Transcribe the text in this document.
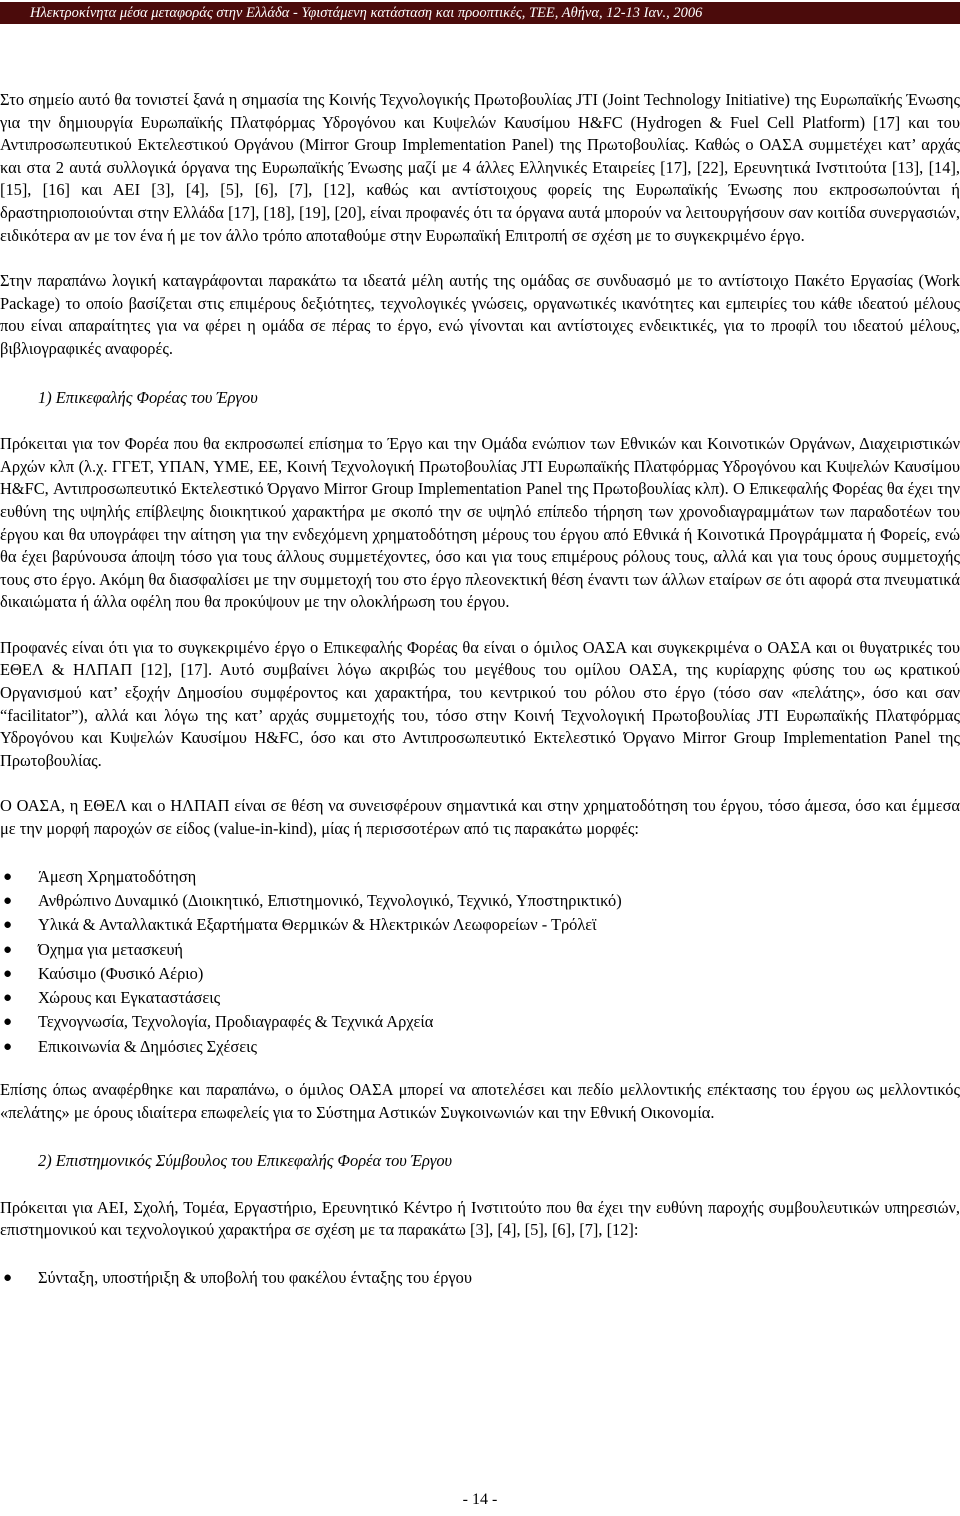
Ηλεκτροκίνητα μέσα μεταφοράς στην Ελλάδα - Υφιστάμενη κατάσταση και προοπτικές, ΤΕΕ, Αθήνα, 12-13 Ιαν., 2006

Στο σημείο αυτό θα τονιστεί ξανά η σημασία της Κοινής Τεχνολογικής Πρωτοβουλίας JTI (Joint Technology Initiative) της Ευρωπαϊκής Ένωσης για την δημιουργία Ευρωπαϊκής Πλατφόρμας Υδρογόνου και Κυψελών Καυσίμου H&FC (Hydrogen & Fuel Cell Platform) [17] και του Αντιπροσωπευτικού Εκτελεστικού Οργάνου (Mirror Group Implementation Panel) της Πρωτοβουλίας. Καθώς ο ΟΑΣΑ συμμετέχει κατ’ αρχάς και στα 2 αυτά συλλογικά όργανα της Ευρωπαϊκής Ένωσης μαζί με 4 άλλες Ελληνικές Εταιρείες [17], [22], Ερευνητικά Ινστιτούτα [13], [14], [15], [16] και ΑΕΙ [3], [4], [5], [6], [7], [12], καθώς και αντίστοιχους φορείς της Ευρωπαϊκής Ένωσης που εκπροσωπούνται ή δραστηριοποιούνται στην Ελλάδα [17], [18], [19], [20], είναι προφανές ότι τα όργανα αυτά μπορούν να λειτουργήσουν σαν κοιτίδα συνεργασιών, ειδικότερα αν με τον ένα ή με τον άλλο τρόπο αποταθούμε στην Ευρωπαϊκή Επιτροπή σε σχέση με το συγκεκριμένο έργο.

Στην παραπάνω λογική καταγράφονται παρακάτω τα ιδεατά μέλη αυτής της ομάδας σε συνδυασμό με το αντίστοιχο Πακέτο Εργασίας (Work Package) το οποίο βασίζεται στις επιμέρους δεξιότητες, τεχνολογικές γνώσεις, οργανωτικές ικανότητες και εμπειρίες του κάθε ιδεατού μέλους που είναι απαραίτητες για να φέρει η ομάδα σε πέρας το έργο, ενώ γίνονται και αντίστοιχες ενδεικτικές, για το προφίλ του ιδεατού μέλους, βιβλιογραφικές αναφορές.

1) Επικεφαλής Φορέας του Έργου

Πρόκειται για τον Φορέα που θα εκπροσωπεί επίσημα το Έργο και την Ομάδα ενώπιον των Εθνικών και Κοινοτικών Οργάνων, Διαχειριστικών Αρχών κλπ (λ.χ. ΓΓΕΤ, ΥΠΑΝ, ΥΜΕ, ΕΕ, Κοινή Τεχνολογική Πρωτοβουλίας JTI Ευρωπαϊκής Πλατφόρμας Υδρογόνου και Κυψελών Καυσίμου H&FC, Αντιπροσωπευτικό Εκτελεστικό Όργανο Mirror Group Implementation Panel της Πρωτοβουλίας κλπ). Ο Επικεφαλής Φορέας θα έχει την ευθύνη της υψηλής επίβλεψης διοικητικού χαρακτήρα με σκοπό την σε υψηλό επίπεδο τήρηση των χρονοδιαγραμμάτων των παραδοτέων του έργου και θα υπογράφει την αίτηση για την ενδεχόμενη χρηματοδότηση μέρους του έργου από Εθνικά ή Κοινοτικά Προγράμματα ή Φορείς, ενώ θα έχει βαρύνουσα άποψη τόσο για τους άλλους συμμετέχοντες, όσο και για τους επιμέρους ρόλους τους, αλλά και για τους όρους συμμετοχής τους στο έργο. Ακόμη θα διασφαλίσει με την συμμετοχή του στο έργο πλεονεκτική θέση έναντι των άλλων εταίρων σε ότι αφορά στα πνευματικά δικαιώματα ή άλλα οφέλη που θα προκύψουν με την ολοκλήρωση του έργου.

Προφανές είναι ότι για το συγκεκριμένο έργο ο Επικεφαλής Φορέας θα είναι ο όμιλος ΟΑΣΑ και συγκεκριμένα ο ΟΑΣΑ και οι θυγατρικές του ΕΘΕΛ & ΗΛΠΑΠ [12], [17]. Αυτό συμβαίνει λόγω ακριβώς του μεγέθους του ομίλου ΟΑΣΑ, της κυρίαρχης φύσης του ως κρατικού Οργανισμού κατ’ εξοχήν Δημοσίου συμφέροντος και χαρακτήρα, του κεντρικού του ρόλου στο έργο (τόσο σαν «πελάτης», όσο και σαν “facilitator”), αλλά και λόγω της κατ’ αρχάς συμμετοχής του, τόσο στην Κοινή Τεχνολογική Πρωτοβουλίας JTI Ευρωπαϊκής Πλατφόρμας Υδρογόνου και Κυψελών Καυσίμου H&FC, όσο και στο Αντιπροσωπευτικό Εκτελεστικό Όργανο Mirror Group Implementation Panel της Πρωτοβουλίας.

Ο ΟΑΣΑ, η ΕΘΕΛ και ο ΗΛΠΑΠ είναι σε θέση να συνεισφέρουν σημαντικά και στην χρηματοδότηση του έργου, τόσο άμεσα, όσο και έμμεσα με την μορφή παροχών σε είδος (value-in-kind), μίας ή περισσοτέρων από τις παρακάτω μορφές:

● Άμεση Χρηματοδότηση
● Ανθρώπινο Δυναμικό (Διοικητικό, Επιστημονικό, Τεχνολογικό, Τεχνικό, Υποστηρικτικό)
● Υλικά & Ανταλλακτικά Εξαρτήματα Θερμικών & Ηλεκτρικών Λεωφορείων - Τρόλεϊ
● Όχημα για μετασκευή
● Καύσιμο (Φυσικό Αέριο)
● Χώρους και Εγκαταστάσεις
● Τεχνογνωσία, Τεχνολογία, Προδιαγραφές & Τεχνικά Αρχεία
● Επικοινωνία & Δημόσιες Σχέσεις

Επίσης όπως αναφέρθηκε και παραπάνω, ο όμιλος ΟΑΣΑ μπορεί να αποτελέσει και πεδίο μελλοντικής επέκτασης του έργου ως μελλοντικός «πελάτης» με όρους ιδιαίτερα επωφελείς για το Σύστημα Αστικών Συγκοινωνιών και την Εθνική Οικονομία.

2) Επιστημονικός Σύμβουλος του Επικεφαλής Φορέα του Έργου

Πρόκειται για ΑΕΙ, Σχολή, Τομέα, Εργαστήριο, Ερευνητικό Κέντρο ή Ινστιτούτο που θα έχει την ευθύνη παροχής συμβουλευτικών υπηρεσιών, επιστημονικού και τεχνολογικού χαρακτήρα σε σχέση με τα παρακάτω [3], [4], [5], [6], [7], [12]:

● Σύνταξη, υποστήριξη & υποβολή του φακέλου ένταξης του έργου
- 14 -
